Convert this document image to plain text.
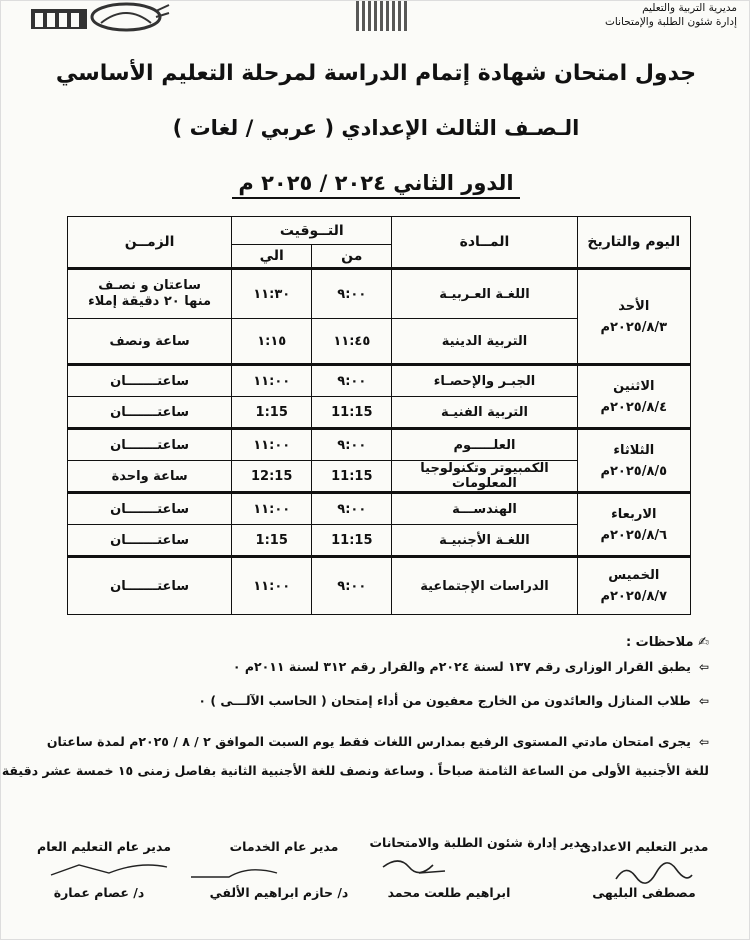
مديرية التربية والتعليم
إدارة شئون الطلبة والإمتحانات
جدول امتحان شهادة إتمام الدراسة لمرحلة التعليم الأساسي
الـصـف الثالث الإعدادي ( عربي / لغات )
الدور الثاني ٢٠٢٤ / ٢٠٢٥ م
اليوم والتاريخ	المــادة	التــوقيت		الزمــن
		من	الي	
الأحد
٢٠٢٥/٨/٣م	اللغـة العـربيـة	٩:٠٠	١١:٣٠	ساعتان و نصـف
منها ٢٠ دقيقة إملاء
	التربية الدينية	١١:٤٥	١:١٥	ساعة ونصف
الاثنين
٢٠٢٥/٨/٤م	الجبـر والإحصـاء	٩:٠٠	١١:٠٠	ساعتـــــــان
	التربية الفنيـة	11:15	1:15	ساعتـــــــان
الثلاثاء
٢٠٢٥/٨/٥م	العلـــــوم	٩:٠٠	١١:٠٠	ساعتـــــــان
	الكمبيوتر وتكنولوجيا المعلومات	11:15	12:15	ساعة واحدة
الاربعاء
٢٠٢٥/٨/٦م	الهندســـة	٩:٠٠	١١:٠٠	ساعتـــــــان
	اللغـة الأجنبيـة	11:15	1:15	ساعتـــــــان
الخميس
٢٠٢٥/٨/٧م	الدراسات الإجتماعية	٩:٠٠	١١:٠٠	ساعتـــــــان
✍ ملاحظات :
⇦يطبق القرار الوزارى رقم ١٣٧ لسنة ٢٠٢٤م والقرار رقم ٣١٢ لسنة ٢٠١١م ٠
⇦طلاب المنازل والعائدون من الخارج معفيون من أداء إمتحان ( الحاسب الآلـــى ) ٠
⇦يجرى امتحان مادتي المستوى الرفيع بمدارس اللغات فقط يوم السبت الموافق ٢ / ٨ / ٢٠٢٥م لمدة ساعتان
للغة الأجنبية الأولى من الساعة الثامنة صباحاً . وساعة ونصف للغة الأجنبية الثانية بفاصل زمنى ١٥ خمسة عشر دقيقة
مدير التعليم الاعدادى
مدير إدارة شئون الطلبة والامتحانات
مدير عام الخدمات
مدير عام التعليم العام
مصطفى البليهى
ابراهيم طلعت محمد
د/ حازم ابراهيم الألفي
د/ عصام عمارة
